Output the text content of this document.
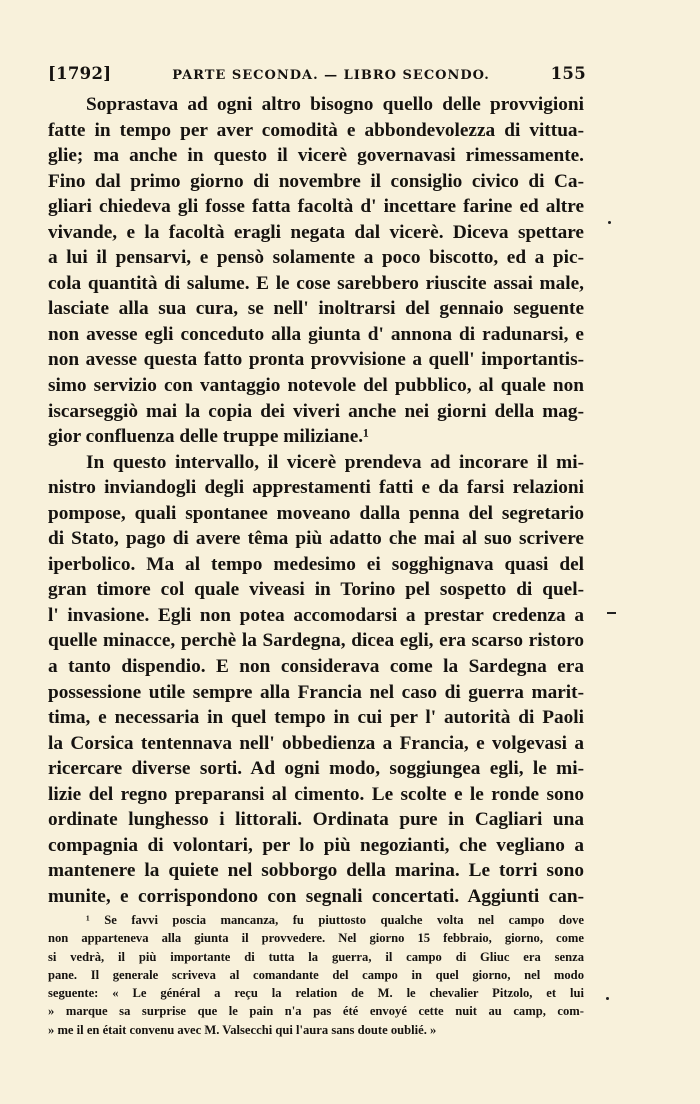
[1792]	PARTE SECONDA. — LIBRO SECONDO.	155
Soprastava ad ogni altro bisogno quello delle provvigioni
fatte in tempo per aver comodità e abbondevolezza di vittua-
glie; ma anche in questo il vicerè governavasi rimessamente.
Fino dal primo giorno di novembre il consiglio civico di Ca-
gliari chiedeva gli fosse fatta facoltà d' incettare farine ed altre
vivande, e la facoltà eragli negata dal vicerè. Diceva spettare
a lui il pensarvi, e pensò solamente a poco biscotto, ed a pic-
cola quantità di salume. E le cose sarebbero riuscite assai male,
lasciate alla sua cura, se nell' inoltrarsi del gennaio seguente
non avesse egli conceduto alla giunta d' annona di radunarsi, e
non avesse questa fatto pronta provvisione a quell' importantis-
simo servizio con vantaggio notevole del pubblico, al quale non
iscarseggiò mai la copia dei viveri anche nei giorni della mag-
gior confluenza delle truppe miliziane.¹
In questo intervallo, il vicerè prendeva ad incorare il mi-
nistro inviandogli degli apprestamenti fatti e da farsi relazioni
pompose, quali spontanee moveano dalla penna del segretario
di Stato, pago di avere têma più adatto che mai al suo scrivere
iperbolico. Ma al tempo medesimo ei sogghignava quasi del
gran timore col quale viveasi in Torino pel sospetto di quel-
l' invasione. Egli non potea accomodarsi a prestar credenza a
quelle minacce, perchè la Sardegna, dicea egli, era scarso ristoro
a tanto dispendio. E non considerava come la Sardegna era
possessione utile sempre alla Francia nel caso di guerra marit-
tima, e necessaria in quel tempo in cui per l' autorità di Paoli
la Corsica tentennava nell' obbedienza a Francia, e volgevasi a
ricercare diverse sorti. Ad ogni modo, soggiungea egli, le mi-
lizie del regno preparansi al cimento. Le scolte e le ronde sono
ordinate lunghesso i littorali. Ordinata pure in Cagliari una
compagnia di volontari, per lo più negozianti, che vegliano a
mantenere la quiete nel sobborgo della marina. Le torri sono
munite, e corrispondono con segnali concertati. Aggiunti can-
¹ Se favvi poscia mancanza, fu piuttosto qualche volta nel campo dove
non apparteneva alla giunta il provvedere. Nel giorno 15 febbraio, giorno, come
si vedrà, il più importante di tutta la guerra, il campo di Gliuc era senza
pane. Il generale scriveva al comandante del campo in quel giorno, nel modo
seguente: « Le général a reçu la relation de M. le chevalier Pitzolo, et lui
» marque sa surprise que le pain n'a pas été envoyé cette nuit au camp, com-
» me il en était convenu avec M. Valsecchi qui l'aura sans doute oublié. »
